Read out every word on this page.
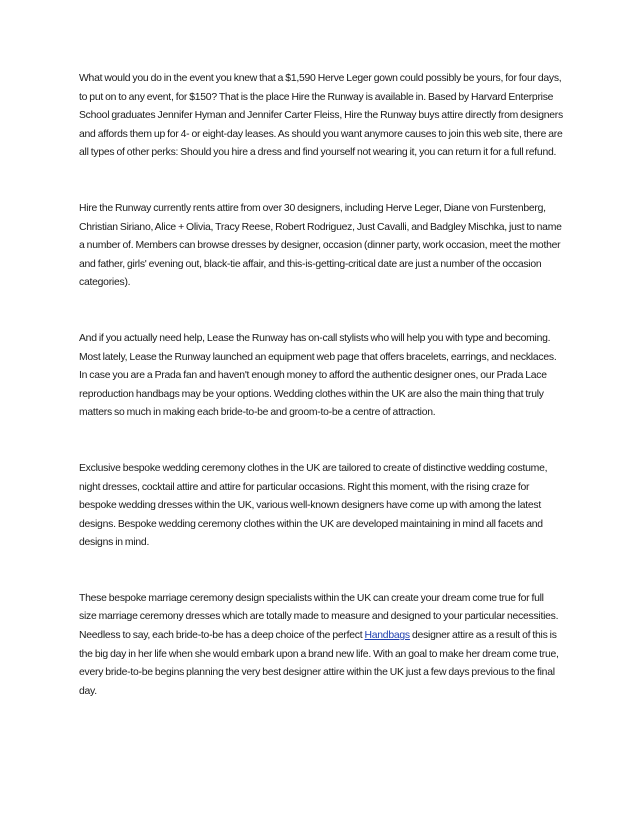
What would you do in the event you knew that a $1,590 Herve Leger gown could possibly be yours, for four days, to put on to any event, for $150? That is the place Hire the Runway is available in. Based by Harvard Enterprise School graduates Jennifer Hyman and Jennifer Carter Fleiss, Hire the Runway buys attire directly from designers and affords them up for 4- or eight-day leases. As should you want anymore causes to join this web site, there are all types of other perks: Should you hire a dress and find yourself not wearing it, you can return it for a full refund.

Hire the Runway currently rents attire from over 30 designers, including Herve Leger, Diane von Furstenberg, Christian Siriano, Alice + Olivia, Tracy Reese, Robert Rodriguez, Just Cavalli, and Badgley Mischka, just to name a number of. Members can browse dresses by designer, occasion (dinner party, work occasion, meet the mother and father, girls' evening out, black-tie affair, and this-is-getting-critical date are just a number of the occasion categories).

And if you actually need help, Lease the Runway has on-call stylists who will help you with type and becoming. Most lately, Lease the Runway launched an equipment web page that offers bracelets, earrings, and necklaces. In case you are a Prada fan and haven't enough money to afford the authentic designer ones, our Prada Lace reproduction handbags may be your options. Wedding clothes within the UK are also the main thing that truly matters so much in making each bride-to-be and groom-to-be a centre of attraction.

Exclusive bespoke wedding ceremony clothes in the UK are tailored to create of distinctive wedding costume, night dresses, cocktail attire and attire for particular occasions. Right this moment, with the rising craze for bespoke wedding dresses within the UK, various well-known designers have come up with among the latest designs. Bespoke wedding ceremony clothes within the UK are developed maintaining in mind all facets and designs in mind.

These bespoke marriage ceremony design specialists within the UK can create your dream come true for full size marriage ceremony dresses which are totally made to measure and designed to your particular necessities. Needless to say, each bride-to-be has a deep choice of the perfect Handbags designer attire as a result of this is the big day in her life when she would embark upon a brand new life. With an goal to make her dream come true, every bride-to-be begins planning the very best designer attire within the UK just a few days previous to the final day.
